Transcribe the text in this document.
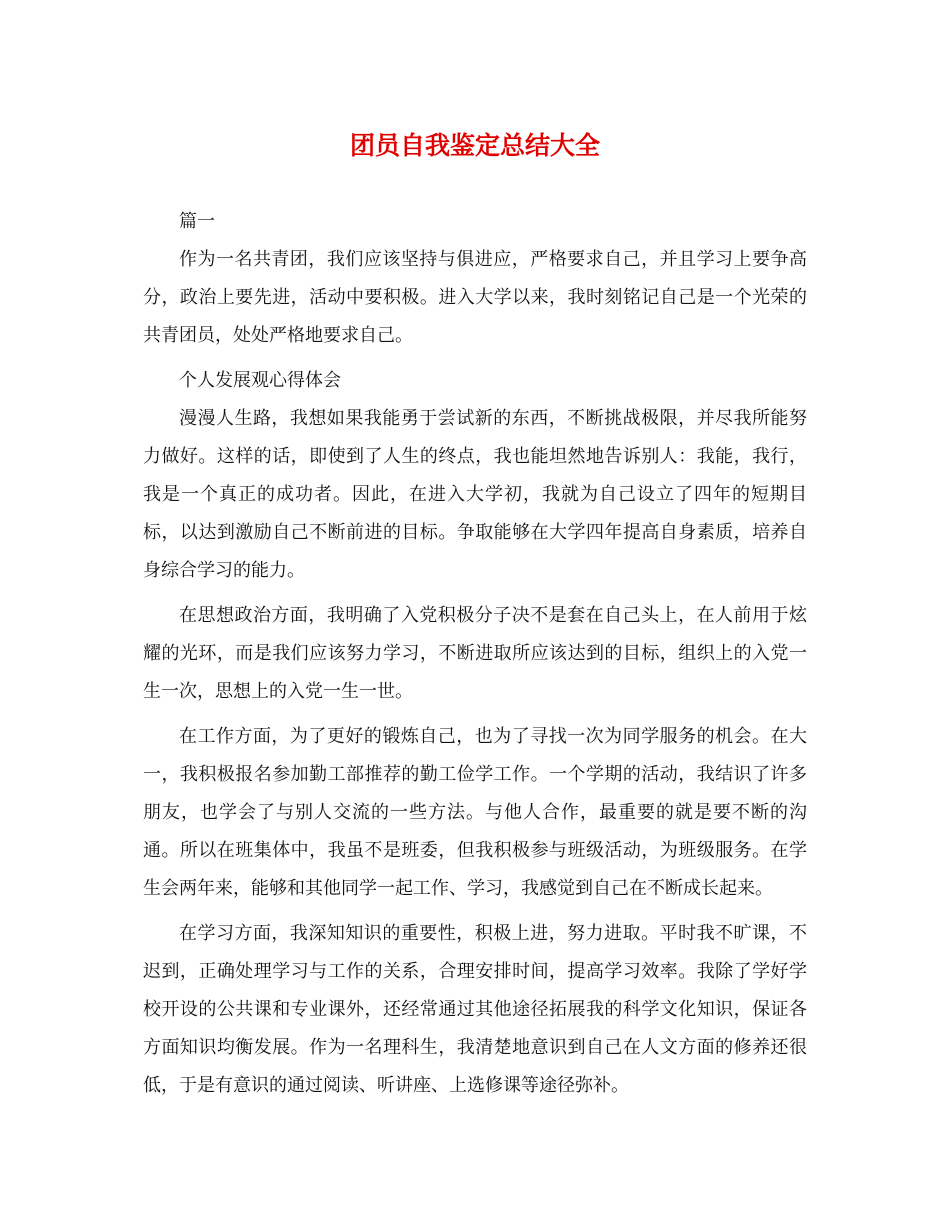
团员自我鉴定总结大全

篇一

作为一名共青团，我们应该坚持与俱进应，严格要求自己，并且学习上要争高分，政治上要先进，活动中要积极。进入大学以来，我时刻铭记自己是一个光荣的共青团员，处处严格地要求自己。

个人发展观心得体会

漫漫人生路，我想如果我能勇于尝试新的东西，不断挑战极限，并尽我所能努力做好。这样的话，即使到了人生的终点，我也能坦然地告诉别人：我能，我行，我是一个真正的成功者。因此，在进入大学初，我就为自己设立了四年的短期目标，以达到激励自己不断前进的目标。争取能够在大学四年提高自身素质，培养自身综合学习的能力。

在思想政治方面，我明确了入党积极分子决不是套在自己头上，在人前用于炫耀的光环，而是我们应该努力学习，不断进取所应该达到的目标，组织上的入党一生一次，思想上的入党一生一世。

在工作方面，为了更好的锻炼自己，也为了寻找一次为同学服务的机会。在大一，我积极报名参加勤工部推荐的勤工俭学工作。一个学期的活动，我结识了许多朋友，也学会了与别人交流的一些方法。与他人合作，最重要的就是要不断的沟通。所以在班集体中，我虽不是班委，但我积极参与班级活动，为班级服务。在学生会两年来，能够和其他同学一起工作、学习，我感觉到自己在不断成长起来。

在学习方面，我深知知识的重要性，积极上进，努力进取。平时我不旷课，不迟到，正确处理学习与工作的关系，合理安排时间，提高学习效率。我除了学好学校开设的公共课和专业课外，还经常通过其他途径拓展我的科学文化知识，保证各方面知识均衡发展。作为一名理科生，我清楚地意识到自己在人文方面的修养还很低，于是有意识的通过阅读、听讲座、上选修课等途径弥补。
